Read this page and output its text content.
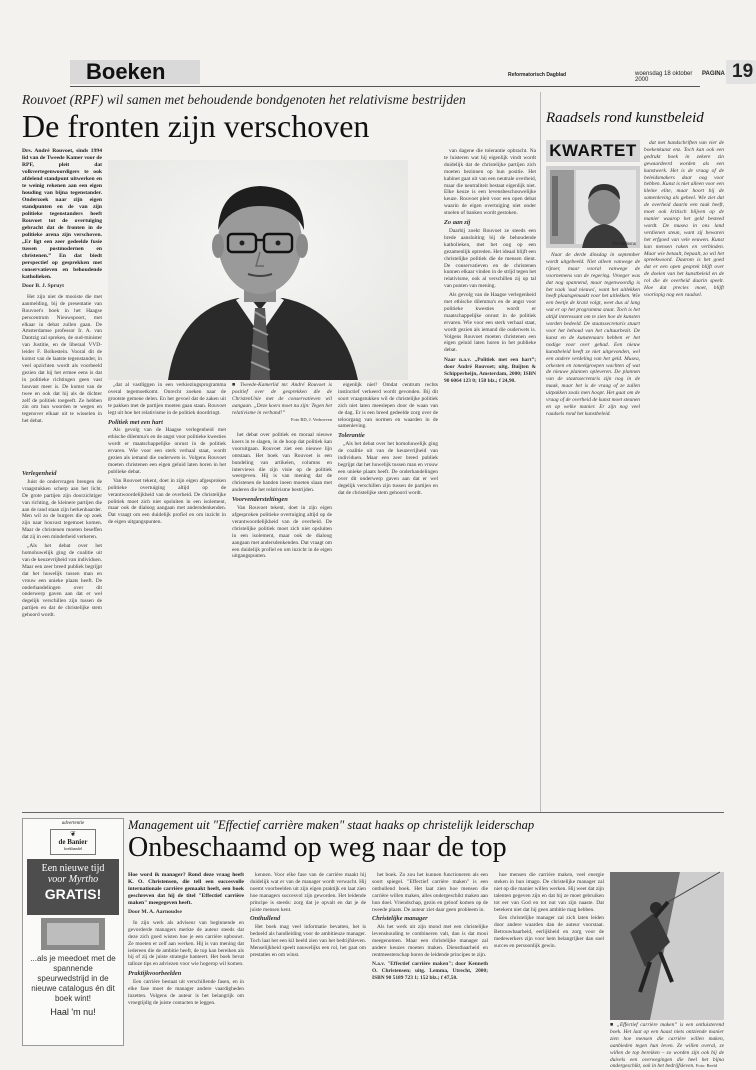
Boeken	Reformatorisch Dagblad	woensdag 18 oktober 2000
PAGINA 19
Rouvoet (RPF) wil samen met behoudende bondgenoten het relativisme bestrijden
De fronten zijn verschoven
Drs. André Rouvoet, sinds 1994 lid van de Tweede Kamer voor de RPF, pleit dat volkvertegenwoordigers te ook afdelend standpunt uitwerken en te weinig rekenen aan een eigen houding van bijna tegenstander. Onderzoek naar zijn eigen standpunten en de van zijn politieke tegenstanders heeft Rouvoet tot de overtuiging gebracht dat de fronten in de politieke arena zijn verschoven. „Er ligt een zeer gedeelde fusie tussen postmodernen en christenen.” En dat biedt perspectief op gesprekken met conservatieven en behoudende katholieken.
Door B. J. Spruyt

Het zijn niet de mooiste die met aanmelding, bij de presentatie van Rouvoet's boek in het Haagse perscentrum Nieuwspoort, met elkaar in debat zullen gaan. De Amsterdamse professor Ir. A. van Dantzig zal spreken, de oud-minister van Justitie, en de liberaal VVD-leider F. Bolkestein. Vooral dit de komst van de laatste tegenstander, in veel opzichten wordt als voorbeeld gezien dat hij het ermee eens is dat in politieke richtingen geen vast houvast meer is. De komst van de twee en ook dat hij als de dichter zelf de politiek toegeeft. Ze hebben zin om hun woorden te wegen en tegenover elkaar uit te wisselen in het debat.

Verlegenheid

Juist de ondervragen brengen de vraagstukken scherp aan het licht. De grote partijen zijn doorzichtiger van richting, de kleinere partijen die aan de rand staan zijn herkenbaarder. Men wil zo de burgers die op zoek zijn naar houvast tegemoet komen. Maar de christenen moeten beseffen dat zij in een minderheid verkeren.

„Als het debat over het homohuwelijk ging de coalitie uit van de keuzevrijheid van individuen. Maar een zeer breed publiek begrijpt dat het huwelijk tussen man en vrouw een unieke plaats heeft. De onderhandelingen over dit onderwerp gaven aan dat er wel degelijk verschillen zijn tussen de partijen en dat de christelijke stem gehoord wordt.

■ Tweede-Kamerlid mr. André Rouvoet is positief over de gesprekken die de ChristenUnie met de conservatieven wil aangaan. „Deze koers moet nu zijn: Tegen het relativisme in verband!”
Foto RD, J. Verhoeven

„dat al vastliggen in een verkiezingsprogramma overal tegemoetkomt. Onrecht zoeken naar de grootste gemene delen. En het gevoel dat de zaken uit te pakken met de partijen moeten gaan staan. Rouvoet legt uit hoe het relativisme in de politiek doordringt.

Politiek met een hart

Als gevolg van de Haagse verlegenheid met ethische dilemma's en de angst voor politieke kwesties wordt er maatschappelijke onrust in de politiek ervaren. Wie voor een sterk verhaal staat, wordt gezien als iemand die ouderwets is. Volgens Rouvoet moeten christenen een eigen geluid laten horen in het publieke debat.

Van Rouvoet tekent, doet in zijn eigen afgesproken politieke overtuiging altijd op de verantwoordelijkheid van de overheid. De christelijke politiek moet zich niet opsluiten in een isolement, maar ook de dialoog aangaan met andersdenkenden. Dat vraagt om een duidelijk profiel en om inzicht in de eigen uitgangspunten.

het debat over politiek en moraal nieuwe koers in te slagen, in de hoop dat politiek kan vooruitgaan. Rouvoet ziet een nieuwe lijn ontstaan. Het boek van Rouvoet is een bundeling van artikelen, columns en interviews die zijn visie op de politiek weergeven. Hij is van mening dat de christenen de handen ineen moeten slaan met anderen die het relativisme bestrijden.

Voorvendersteltingen

Van Rouvoet tekent, doet in zijn eigen afgesproken politieke overtuiging altijd op de verantwoordelijkheid van de overheid. De christelijke politiek moet zich niet opsluiten in een isolement, maar ook de dialoog aangaan met andersdenkenden. Dat vraagt om een duidelijk profiel en om inzicht in de eigen uitgangspunten.

eigenlijk niet? Omdat centrum rechts instinctief verkeerd wordt gevonden. Bij dit soort vraagstukken wil de christelijke politiek zich niet laten meeslepen door de waan van de dag. Er is een breed gedeelde zorg over de teloorgang van normen en waarden in de samenleving.

Tolerantie

„Als het debat over het homohuwelijk ging de coalitie uit van de keuzevrijheid van individuen. Maar een zeer breed publiek begrijpt dat het huwelijk tussen man en vrouw een unieke plaats heeft. De onderhandelingen over dit onderwerp gaven aan dat er wel degelijk verschillen zijn tussen de partijen en dat de christelijke stem gehoord wordt.

van dagene die tolerantie opbracht. Na te luisteren wat hij eigenlijk vindt wordt duidelijk dat de christelijke partijen zich moeten bezinnen op hun positie. Het kabinet gaat uit van een neutrale overheid, maar die neutraliteit bestaat eigenlijk niet. Elke keuze is een levensbeschouwelijke keuze. Rouvoet pleit voor een open debat waarin de eigen overtuiging niet onder stoelen of banken wordt gestoken.

Zo aan zij

Daarbij zoekt Rouvoet ze steeds een brede aansluiting bij de behoudende katholieken, met het oog op een gezamenlijk optreden. Het ideaal blijft een christelijke politiek die de mensen dient. De conservatieven en de christenen kunnen elkaar vinden in de strijd tegen het relativisme, ook al verschillen zij op tal van punten van mening.

Als gevolg van de Haagse verlegenheid met ethische dilemma's en de angst voor politieke kwesties wordt er maatschappelijke onrust in de politiek ervaren. Wie voor een sterk verhaal staat, wordt gezien als iemand die ouderwets is. Volgens Rouvoet moeten christenen een eigen geluid laten horen in het publieke debat.

Naar n.a.v. „Politiek met een hart”; door André Rouvoet; uitg. Buijten & Schipperheijn, Amsterdam, 2000; ISBN 90 6064 123 0; 158 blz.; f 24,90.
Raadsels rond kunstbeleid
KWARTET
Ton Willems

Naar de derde dinsdag in september wordt uitgebeeld. Niet alleen vanwege de rijtoer, maar vooral vanwege de voornemens van de regering. Vroeger was dat nog spannend, maar tegenwoordig is het vaak 'oud nieuws', want het uitlekken heeft plaatsgemaakt voor het uitlekken. Wie een beetje de krant volgt, weet dus al lang wat er op het programma staat. Toch is het altijd interessant om te zien hoe de kunsten worden bedeeld. De staatssecretaris stuurt voor het behoud van het cultuurbezit. De kunst en de kunstenaars hebben er het nodige voor over gehad. Een nieuw kunstbeleid heeft ze niet uitgevonden, wel een andere verdeling van het geld. Musea, orkesten en toneelgroepen wachten af wat de nieuwe plannen opleveren. De plannen van de staatssecretaris zijn nog in de maak, maar het is de vraag of ze zullen uitpakken zoals men hoopt. Het gaat om de vraag of de overheid de kunst moet steunen en op welke manier. Er zijn nog veel raadsels rond het kunstbeleid.

dat met handschriften van vier de boekenkunst enz. Toch kan ook een gedrukt boek in zekere zin gewaardeerd worden als een kunstwerk. Het is de vraag of de beleidsmakers daar oog voor hebben. Kunst is niet alleen voor een kleine elite, maar hoort bij de samenleving als geheel. Wie ziet dat de overheid daarin een taak heeft, moet ook kritisch blijven op de manier waarop het geld besteed wordt. De musea in ons land verdienen steun, want zij bewaren het erfgoed van vele eeuwen. Kunst kan mensen raken en verbinden. Maar wie betaalt, bepaalt, zo wil het spreekwoord. Daarom is het goed dat er een open gesprek blijft over de doelen van het kunstbeleid en de rol die de overheid daarin speelt. Hoe dat precies moet, blijft voorlopig nog een raadsel.

advertentie
❦
de Banier
boekhandel
Een nieuwe tijd
voor Myrtho
GRATIS!
...als je meedoet met de spannende speurwedstrijd in de nieuwe catalogus én dit boek wint!
Haal 'm nu!
Management uit "Effectief carrière maken" staat haaks op christelijk leiderschap
Onbeschaamd op weg naar de top
Hoe word ik manager? Rond deze vraag heeft K. O. Christensen, die tell een succesvolle internationale carrière gemaakt heeft, een boek geschreven dat hij de titel "Effectief carrière maken" meegegeven heeft.
Door M. A. Aarnoudse

In zijn werk als adviseur van beginnende en gevorderde managers merkte de auteur steeds dat deze zich goed wisten hoe je een carrière opbouwt. Ze moeten er zelf aan werken. Hij is van mening dat iedereen die de ambitie heeft, de top kan bereiken als hij of zij de juiste strategie hanteert. Het boek bevat talloze tips en adviezen voor wie hogerop wil komen.

Praktijkvoorbeelden

Een carrière bestaat uit verschillende fasen, en in elke fase moet de manager andere vaardigheden inzetten. Volgens de auteur is het belangrijk om vroegtijdig de juiste contacten te leggen.

kennen. Voor elke fase van de carrière maakt hij duidelijk wat er van de manager wordt verwacht. Hij noemt voorbeelden uit zijn eigen praktijk en laat zien hoe managers succesvol zijn geworden. Het leidende principe is steeds: zorg dat je opvalt en dat je de juiste mensen kent.

Onthullend

Het boek mag veel informatie bevatten, het is bedoeld als handleiding voor de ambitieuze manager. Toch laat het een kil beeld zien van het bedrijfsleven. Menselijkheid speelt nauwelijks een rol, het gaat om prestaties en om winst.

het boek. Zo zou het kunnen functioneren als een soort spiegel. "Effectief carrière maken" is een onthullend boek. Het laat zien hoe mensen die carrière willen maken, alles ondergeschikt maken aan hun doel. Vriendschap, gezin en geloof komen op de tweede plaats. De auteur ziet daar geen probleem in.

Christelijke manager

Als het werk uit zijn mond met een christelijke levenshouding te combineren valt, dan is dat mooi meegenomen. Maar een christelijke manager zal andere keuzes moeten maken. Dienstbaarheid en rentmeesterschap horen de leidende principes te zijn.

N.a.v. "Effectief carrière maken"; door Kenneth O. Christensen; uitg. Lemma, Utrecht, 2000; ISBN 90 5189 723 1; 152 blz.; f 47,50.

hoe mensen die carrière maken, veel energie steken in hun imago. De christelijke manager zal niet op die manier willen werken. Hij weet dat zijn talenten gegeven zijn en dat hij ze moet gebruiken tot eer van God en tot nut van zijn naaste. Dat betekent niet dat hij geen ambitie mag hebben.

Een christelijke manager zal zich laten leiden door andere waarden dan de auteur voorstaat. Betrouwbaarheid, eerlijkheid en zorg voor de medewerkers zijn voor hem belangrijker dan snel succes en persoonlijk gewin.

■ „Effectief carrière maken” is een ontluisterend boek. Het laat op een haast niets ontziende manier zien hoe mensen die carrière willen maken, aanbieden tegen hun leven. Ze willen overal, ze willen de top bereiken – zo worden zijn ook bij de duivels een overwegingen die heel het bijna ondergeschikt, ook in het bedrijfsleven. Foto: Beeld
